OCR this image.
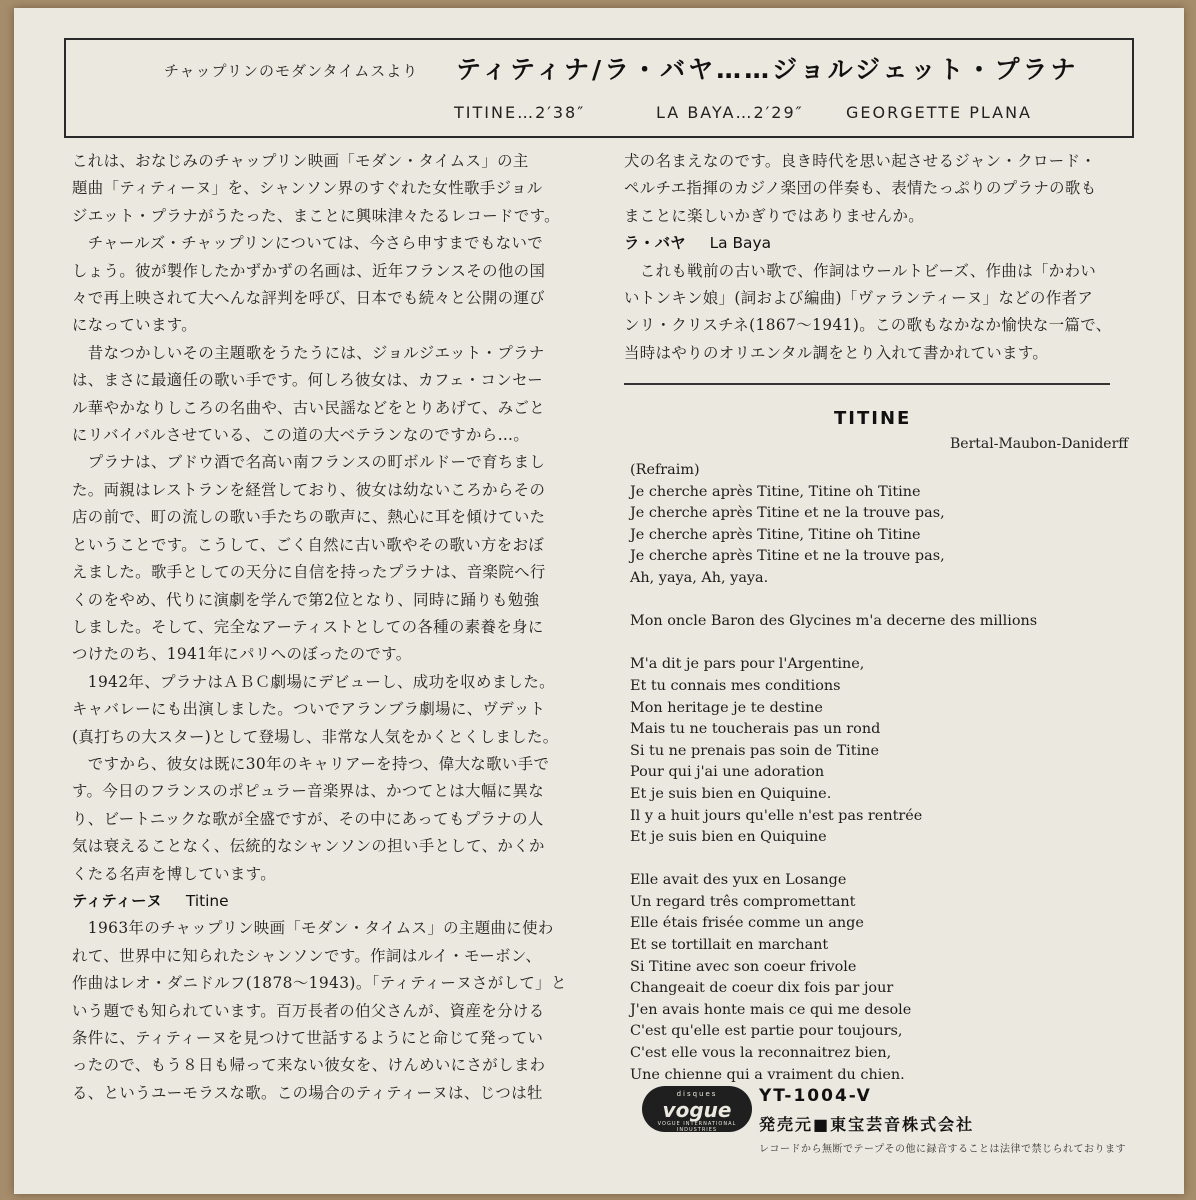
チャップリンのモダンタイムスより ティティナ/ラ・バヤ……ジョルジェット・プラナ
TITINE…2′38″	LA BAYA…2′29″	GEORGETTE PLANA

これは、おなじみのチャップリン映画「モダン・タイムス」の主

題曲「ティティーヌ」を、シャンソン界のすぐれた女性歌手ジョル

ジエット・プラナがうたった、まことに興味津々たるレコードです。

　チャールズ・チャップリンについては、今さら申すまでもないで

しょう。彼が製作したかずかずの名画は、近年フランスその他の国

々で再上映されて大へんな評判を呼び、日本でも続々と公開の運び

になっています。

　昔なつかしいその主題歌をうたうには、ジョルジエット・プラナ

は、まさに最適任の歌い手です。何しろ彼女は、カフェ・コンセー

ル華やかなりしころの名曲や、古い民謡などをとりあげて、みごと

にリバイバルさせている、この道の大ベテランなのですから…。

　プラナは、ブドウ酒で名高い南フランスの町ボルドーで育ちまし

た。両親はレストランを経営しており、彼女は幼ないころからその

店の前で、町の流しの歌い手たちの歌声に、熱心に耳を傾けていた

ということです。こうして、ごく自然に古い歌やその歌い方をおぼ

えました。歌手としての天分に自信を持ったプラナは、音楽院へ行

くのをやめ、代りに演劇を学んで第2位となり、同時に踊りも勉強

しました。そして、完全なアーティストとしての各種の素養を身に

つけたのち、1941年にパリへのぼったのです。

　1942年、プラナはＡＢＣ劇場にデビューし、成功を収めました。

キャバレーにも出演しました。ついでアランブラ劇場に、ヴデット

(真打ちの大スター)として登場し、非常な人気をかくとくしました。

　ですから、彼女は既に30年のキャリアーを持つ、偉大な歌い手で

す。今日のフランスのポピュラー音楽界は、かつてとは大幅に異な

り、ビートニックな歌が全盛ですが、その中にあってもプラナの人

気は衰えることなく、伝統的なシャンソンの担い手として、かくか

くたる名声を博しています。

ティティーヌ Titine

　1963年のチャップリン映画「モダン・タイムス」の主題曲に使わ

れて、世界中に知られたシャンソンです。作詞はルイ・モーボン、

作曲はレオ・ダニドルフ(1878〜1943)。「ティティーヌさがして」と

いう題でも知られています。百万長者の伯父さんが、資産を分ける

条件に、ティティーヌを見つけて世話するようにと命じて発ってい

ったので、もう８日も帰って来ない彼女を、けんめいにさがしまわ

る、というユーモラスな歌。この場合のティティーヌは、じつは牡

犬の名まえなのです。良き時代を思い起させるジャン・クロード・

ペルチエ指揮のカジノ楽団の伴奏も、表情たっぷりのプラナの歌も

まことに楽しいかぎりではありませんか。

ラ・バヤ La Baya

　これも戦前の古い歌で、作詞はウールトビーズ、作曲は「かわい

いトンキン娘」(詞および編曲)「ヴァランティーヌ」などの作者ア

ンリ・クリスチネ(1867〜1941)。この歌もなかなか愉快な一篇で、

当時はやりのオリエンタル調をとり入れて書かれています。

TITINE
Bertal-Maubon-Daniderff

(Refraim)

Je cherche après Titine, Titine oh Titine

Je cherche après Titine et ne la trouve pas,

Je cherche après Titine, Titine oh Titine

Je cherche après Titine et ne la trouve pas,

Ah, yaya, Ah, yaya.

Mon oncle Baron des Glycines m'a decerne des millions

M'a dit je pars pour l'Argentine,

Et tu connais mes conditions

Mon heritage je te destine

Mais tu ne toucherais pas un rond

Si tu ne prenais pas soin de Titine

Pour qui j'ai une adoration

Et je suis bien en Quiquine.

Il y a huit jours qu'elle n'est pas rentrée

Et je suis bien en Quiquine

Elle avait des yux en Losange

Un regard três compromettant

Elle étais frisée comme un ange

Et se tortillait en marchant

Si Titine avec son coeur frivole

Changeait de coeur dix fois par jour

J'en avais honte mais ce qui me desole

C'est qu'elle est partie pour toujours,

C'est elle vous la reconnaitrez bien,

Une chienne qui a vraiment du chien.

disques
vogue
VOGUE INTERNATIONAL INDUSTRIES
YT-1004-V
発売元■東宝芸音株式会社
レコードから無断でテープその他に録音することは法律で禁じられております
